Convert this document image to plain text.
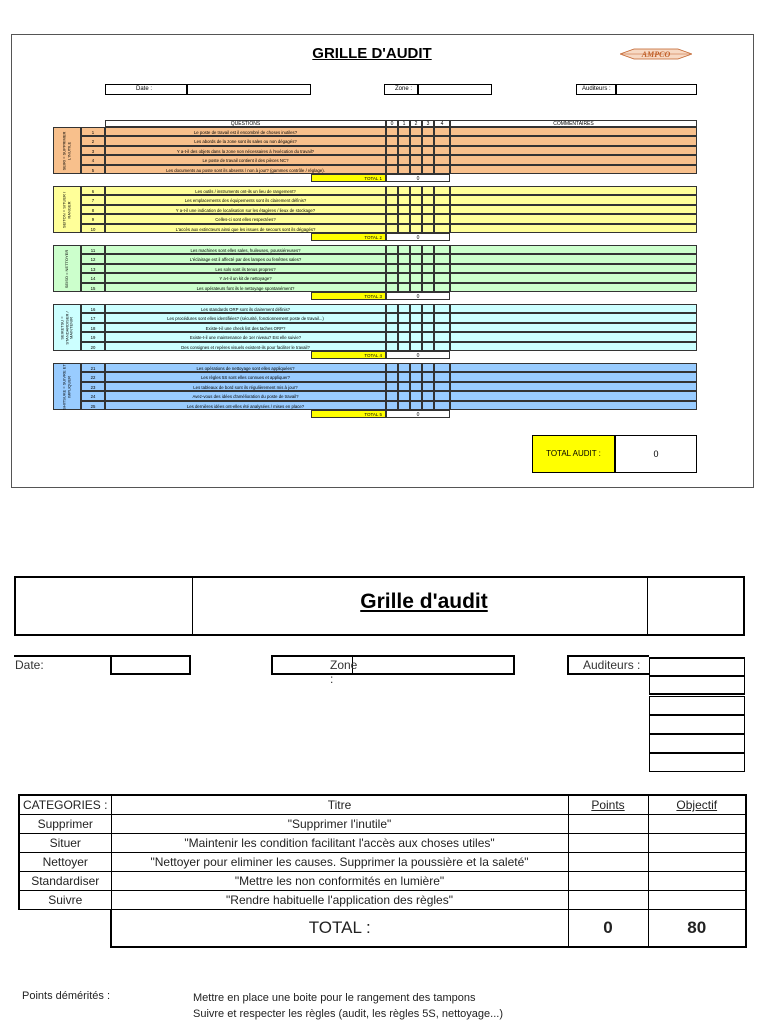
GRILLE D'AUDIT	AMPCO
Date :	Zone :	Auditeurs :
QUESTIONS	0	1	2	3	4	COMMENTAIRES
1	Le poste de travail est il encombré de choses inutiles?
2	Les abords de la zone sont ils sales ou non dégagés?
3	Y a-t-il des objets dans la zone non nécessaires à l'exécution du travail?
4	Le poste de travail contient il des pièces NC?
5	Les documents au poste sont ils absents / non à jour? (gammes contrôle / réglage).
SEIRI = SUPPRIMER L'INUTILE
TOTAL 1	0
6	Les outils / instruments ont-ils un lieu de rangement?
7	Les emplacements des équipements sont ils clairement définis?
8	Y a-t-il une indication de localisation sur les étagères / lieux de stockage?
9	Celles-ci sont elles respectées?
10	L'accès aux extincteurs ainsi que les issues de secours sont ils dégagés?
SEITON = SITUER / RANGER
TOTAL 2	0
11	Les machines sont elles sales, huileuses, poussiéreuses?
12	L'éclairage est il affecté par des lampes ou fenêtres sales?
13	Les sols sont ils tenus propres?
14	Y a-t-il un kit de nettoyage?
15	Les opérateurs font ils le nettoyage spontanément?
SEISO = NETTOYER
TOTAL 3	0
16	Les standards ORP sont ils clairement définis?
17	Les procédures sont elles identifiées? (sécurité, fonctionnement poste de travail...)
18	Existe-t-il une check list des taches ORP?
19	Existe-t-il une maintenance de 1er niveau? Est elle suivie?
20	Des consignes et repères visuels existent-ils pour faciliter le travail?
SEIKETSU = STANDARDISER / MAINTENIR
TOTAL 4	0
21	Les opérations de nettoyage sont elles appliquées?
22	Les règles 5S sont elles connues et appliquer?
23	Les tableaux de bord sont ils régulièrement mis à jour?
24	Avez-vous des idées d'amélioration du poste de travail?
25	Les dernières idées ont-elles été analysées / mises en place?
SHITSUKE = SUIVRE ET IMPLIQUER
TOTAL 5	0
TOTAL AUDIT :	0
Grille d'audit
Date:	Zone :
Auditeurs :
CATEGORIES :	Titre	Points	Objectif
Supprimer	"Supprimer l'inutile"		
Situer	"Maintenir les condition facilitant l'accès aux choses utiles"		
Nettoyer	"Nettoyer pour eliminer les causes. Supprimer la poussière et la saleté"		
Standardiser	"Mettre les non conformités en lumière"		
Suivre	"Rendre habituelle l'application des règles"		
	TOTAL :	0	80
Points démérités :	Mettre en place une boite pour le rangement des tampons
Suivre et respecter les règles (audit, les règles 5S, nettoyage...)
